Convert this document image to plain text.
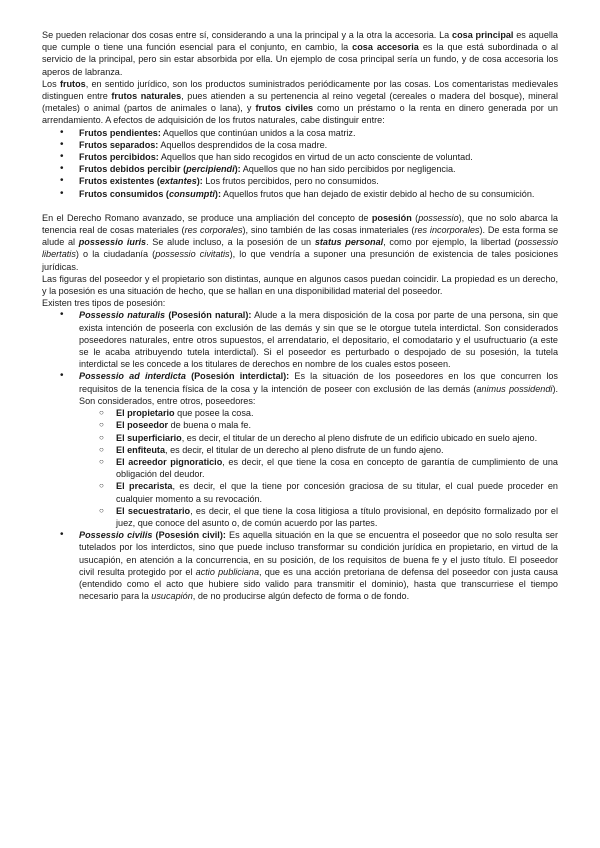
Se pueden relacionar dos cosas entre sí, considerando a una la principal y a la otra la accesoria. La cosa principal es aquella que cumple o tiene una función esencial para el conjunto, en cambio, la cosa accesoria es la que está subordinada o al servicio de la principal, pero sin estar absorbida por ella. Un ejemplo de cosa principal sería un fundo, y de cosa accesoria los aperos de labranza.

Los frutos, en sentido jurídico, son los productos suministrados periódicamente por las cosas. Los comentaristas medievales distinguen entre frutos naturales, pues atienden a su pertenencia al reino vegetal (cereales o madera del bosque), mineral (metales) o animal (partos de animales o lana), y frutos civiles como un préstamo o la renta en dinero generada por un arrendamiento. A efectos de adquisición de los frutos naturales, cabe distinguir entre:

• Frutos pendientes: Aquellos que continúan unidos a la cosa matriz.
• Frutos separados: Aquellos desprendidos de la cosa madre.
• Frutos percibidos: Aquellos que han sido recogidos en virtud de un acto consciente de voluntad.
• Frutos debidos percibir (percipiendi): Aquellos que no han sido percibidos por negligencia.
• Frutos existentes (extantes): Los frutos percibidos, pero no consumidos.
• Frutos consumidos (consumpti): Aquellos frutos que han dejado de existir debido al hecho de su consumición.

En el Derecho Romano avanzado, se produce una ampliación del concepto de posesión (possessio), que no solo abarca la tenencia real de cosas materiales (res corporales), sino también de las cosas inmateriales (res incorporales). De esta forma se alude al possessio iuris. Se alude incluso, a la posesión de un status personal, como por ejemplo, la libertad (possessio libertatis) o la ciudadanía (possessio civitatis), lo que vendría a suponer una presunción de existencia de tales posiciones jurídicas.

Las figuras del poseedor y el propietario son distintas, aunque en algunos casos puedan coincidir. La propiedad es un derecho, y la posesión es una situación de hecho, que se hallan en una disponibilidad material del poseedor.

Existen tres tipos de posesión:

• Possessio naturalis (Posesión natural): Alude a la mera disposición de la cosa por parte de una persona, sin que exista intención de poseerla con exclusión de las demás y sin que se le otorgue tutela interdictal. Son considerados poseedores naturales, entre otros supuestos, el arrendatario, el depositario, el comodatario y el usufructuario (a este se le acaba atribuyendo tutela interdictal). Si el poseedor es perturbado o despojado de su posesión, la tutela interdictal se les concede a los titulares de derechos en nombre de los cuales estos poseen.
• Possessio ad interdicta (Posesión interdictal): Es la situación de los poseedores en los que concurren los requisitos de la tenencia física de la cosa y la intención de poseer con exclusión de las demás (animus possidendi). Son considerados, entre otros, poseedores:
○ El propietario que posee la cosa.
○ El poseedor de buena o mala fe.
○ El superficiario, es decir, el titular de un derecho al pleno disfrute de un edificio ubicado en suelo ajeno.
○ El enfiteuta, es decir, el titular de un derecho al pleno disfrute de un fundo ajeno.
○ El acreedor pignoraticio, es decir, el que tiene la cosa en concepto de garantía de cumplimiento de una obligación del deudor.
○ El precarista, es decir, el que la tiene por concesión graciosa de su titular, el cual puede proceder en cualquier momento a su revocación.
○ El secuestratario, es decir, el que tiene la cosa litigiosa a título provisional, en depósito formalizado por el juez, que conoce del asunto o, de común acuerdo por las partes.
• Possessio civilis (Posesión civil): Es aquella situación en la que se encuentra el poseedor que no solo resulta ser tutelados por los interdictos, sino que puede incluso transformar su condición jurídica en propietario, en virtud de la usucapión, en atención a la concurrencia, en su posición, de los requisitos de buena fe y el justo título. El poseedor civil resulta protegido por el actio publiciana, que es una acción pretoriana de defensa del poseedor con justa causa (entendido como el acto que hubiere sido valido para transmitir el dominio), hasta que transcurriese el tiempo necesario para la usucapión, de no producirse algún defecto de forma o de fondo.
